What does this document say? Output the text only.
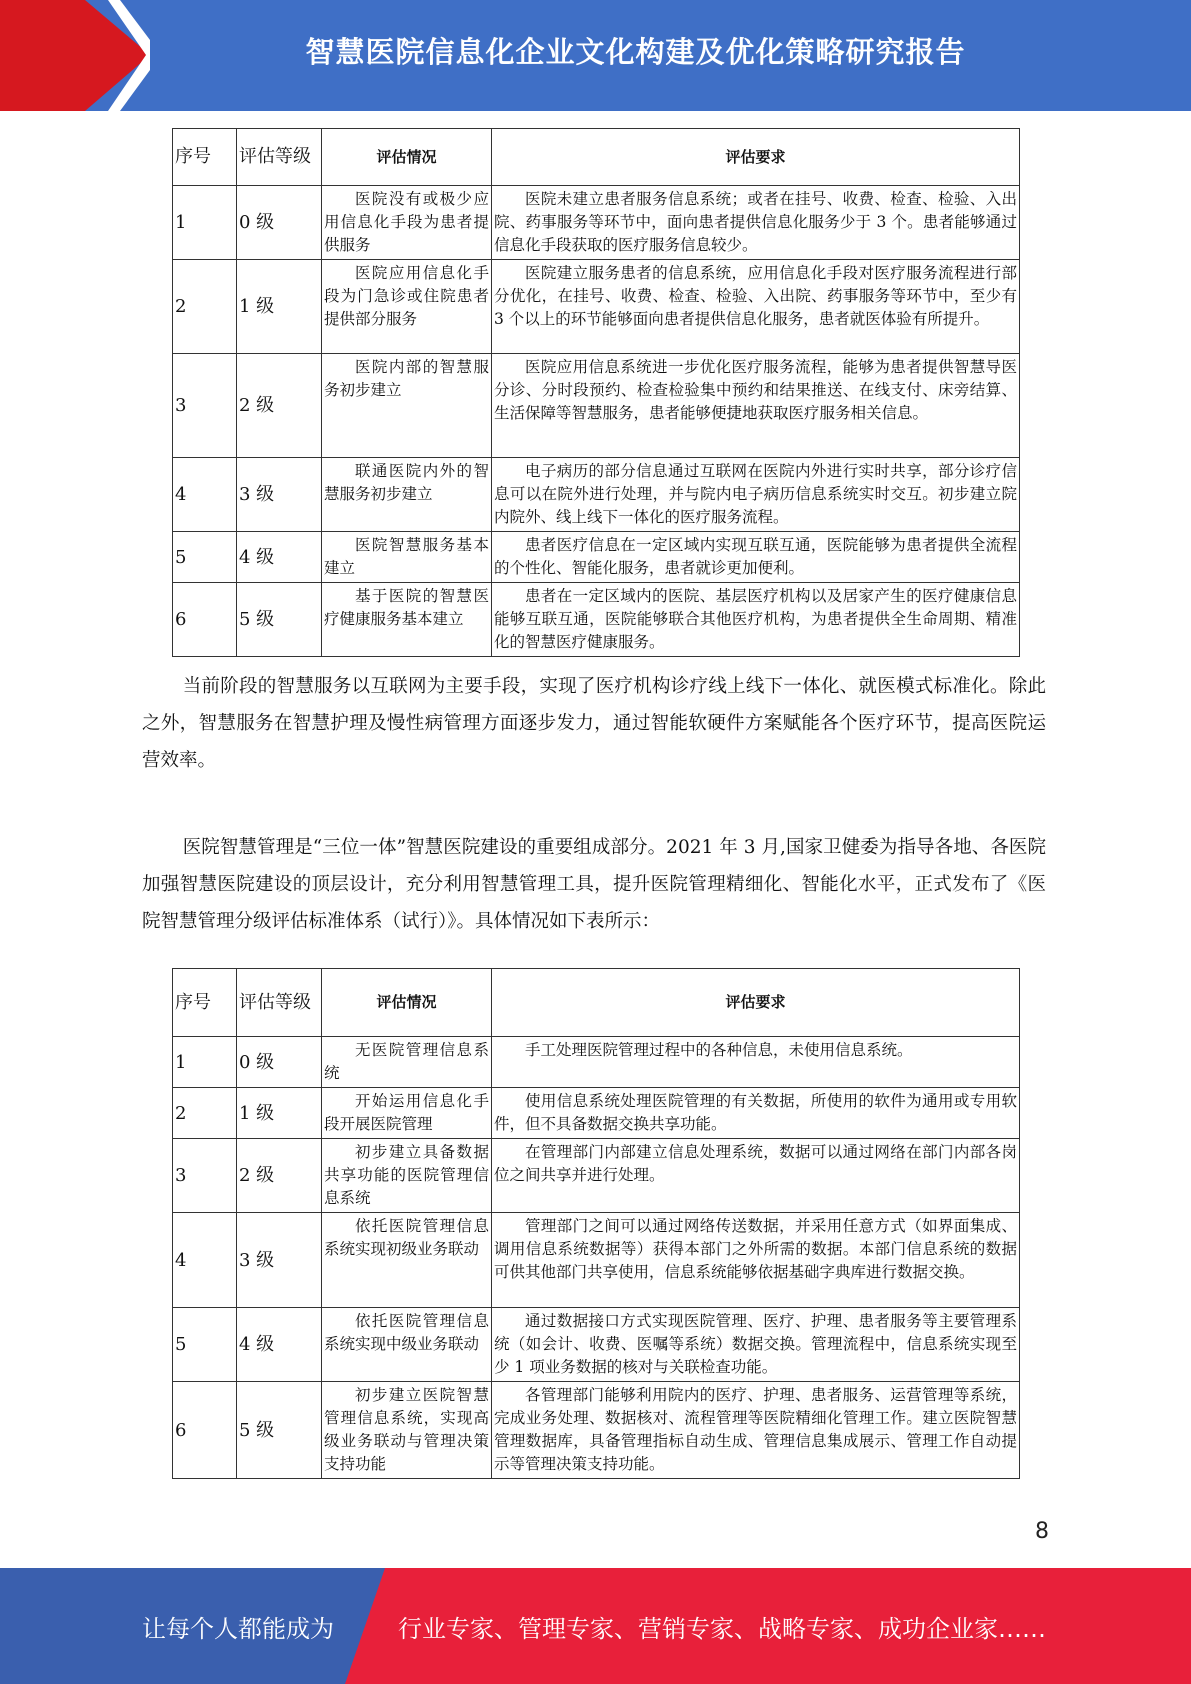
智慧医院信息化企业文化构建及优化策略研究报告
序号	评估等级	评估情况	评估要求
1	0 级	医院没有或极少应用信息化手段为患者提供服务	医院未建立患者服务信息系统；或者在挂号、收费、检查、检验、入出院、药事服务等环节中，面向患者提供信息化服务少于 3 个。患者能够通过信息化手段获取的医疗服务信息较少。
2	1 级	医院应用信息化手段为门急诊或住院患者提供部分服务	医院建立服务患者的信息系统，应用信息化手段对医疗服务流程进行部分优化，在挂号、收费、检查、检验、入出院、药事服务等环节中，至少有 3 个以上的环节能够面向患者提供信息化服务，患者就医体验有所提升。
3	2 级	医院内部的智慧服务初步建立	医院应用信息系统进一步优化医疗服务流程，能够为患者提供智慧导医分诊、分时段预约、检查检验集中预约和结果推送、在线支付、床旁结算、生活保障等智慧服务，患者能够便捷地获取医疗服务相关信息。
4	3 级	联通医院内外的智慧服务初步建立	电子病历的部分信息通过互联网在医院内外进行实时共享，部分诊疗信息可以在院外进行处理，并与院内电子病历信息系统实时交互。初步建立院内院外、线上线下一体化的医疗服务流程。
5	4 级	医院智慧服务基本建立	患者医疗信息在一定区域内实现互联互通，医院能够为患者提供全流程的个性化、智能化服务，患者就诊更加便利。
6	5 级	基于医院的智慧医疗健康服务基本建立	患者在一定区域内的医院、基层医疗机构以及居家产生的医疗健康信息能够互联互通，医院能够联合其他医疗机构，为患者提供全生命周期、精准化的智慧医疗健康服务。

当前阶段的智慧服务以互联网为主要手段，实现了医疗机构诊疗线上线下一体化、就医模式标准化。除此之外，智慧服务在智慧护理及慢性病管理方面逐步发力，通过智能软硬件方案赋能各个医疗环节，提高医院运营效率。

医院智慧管理是“三位一体”智慧医院建设的重要组成部分。2021 年 3 月,国家卫健委为指导各地、各医院加强智慧医院建设的顶层设计，充分利用智慧管理工具，提升医院管理精细化、智能化水平，正式发布了《医院智慧管理分级评估标准体系（试行）》。具体情况如下表所示：

序号	评估等级	评估情况	评估要求
1	0 级	无医院管理信息系统	手工处理医院管理过程中的各种信息，未使用信息系统。
2	1 级	开始运用信息化手段开展医院管理	使用信息系统处理医院管理的有关数据，所使用的软件为通用或专用软件，但不具备数据交换共享功能。
3	2 级	初步建立具备数据共享功能的医院管理信息系统	在管理部门内部建立信息处理系统，数据可以通过网络在部门内部各岗位之间共享并进行处理。
4	3 级	依托医院管理信息系统实现初级业务联动	管理部门之间可以通过网络传送数据，并采用任意方式（如界面集成、调用信息系统数据等）获得本部门之外所需的数据。本部门信息系统的数据可供其他部门共享使用，信息系统能够依据基础字典库进行数据交换。
5	4 级	依托医院管理信息系统实现中级业务联动	通过数据接口方式实现医院管理、医疗、护理、患者服务等主要管理系统（如会计、收费、医嘱等系统）数据交换。管理流程中，信息系统实现至少 1 项业务数据的核对与关联检查功能。
6	5 级	初步建立医院智慧管理信息系统，实现高级业务联动与管理决策支持功能	各管理部门能够利用院内的医疗、护理、患者服务、运营管理等系统，完成业务处理、数据核对、流程管理等医院精细化管理工作。建立医院智慧管理数据库，具备管理指标自动生成、管理信息集成展示、管理工作自动提示等管理决策支持功能。
8
让每个人都能成为	行业专家、管理专家、营销专家、战略专家、成功企业家……
